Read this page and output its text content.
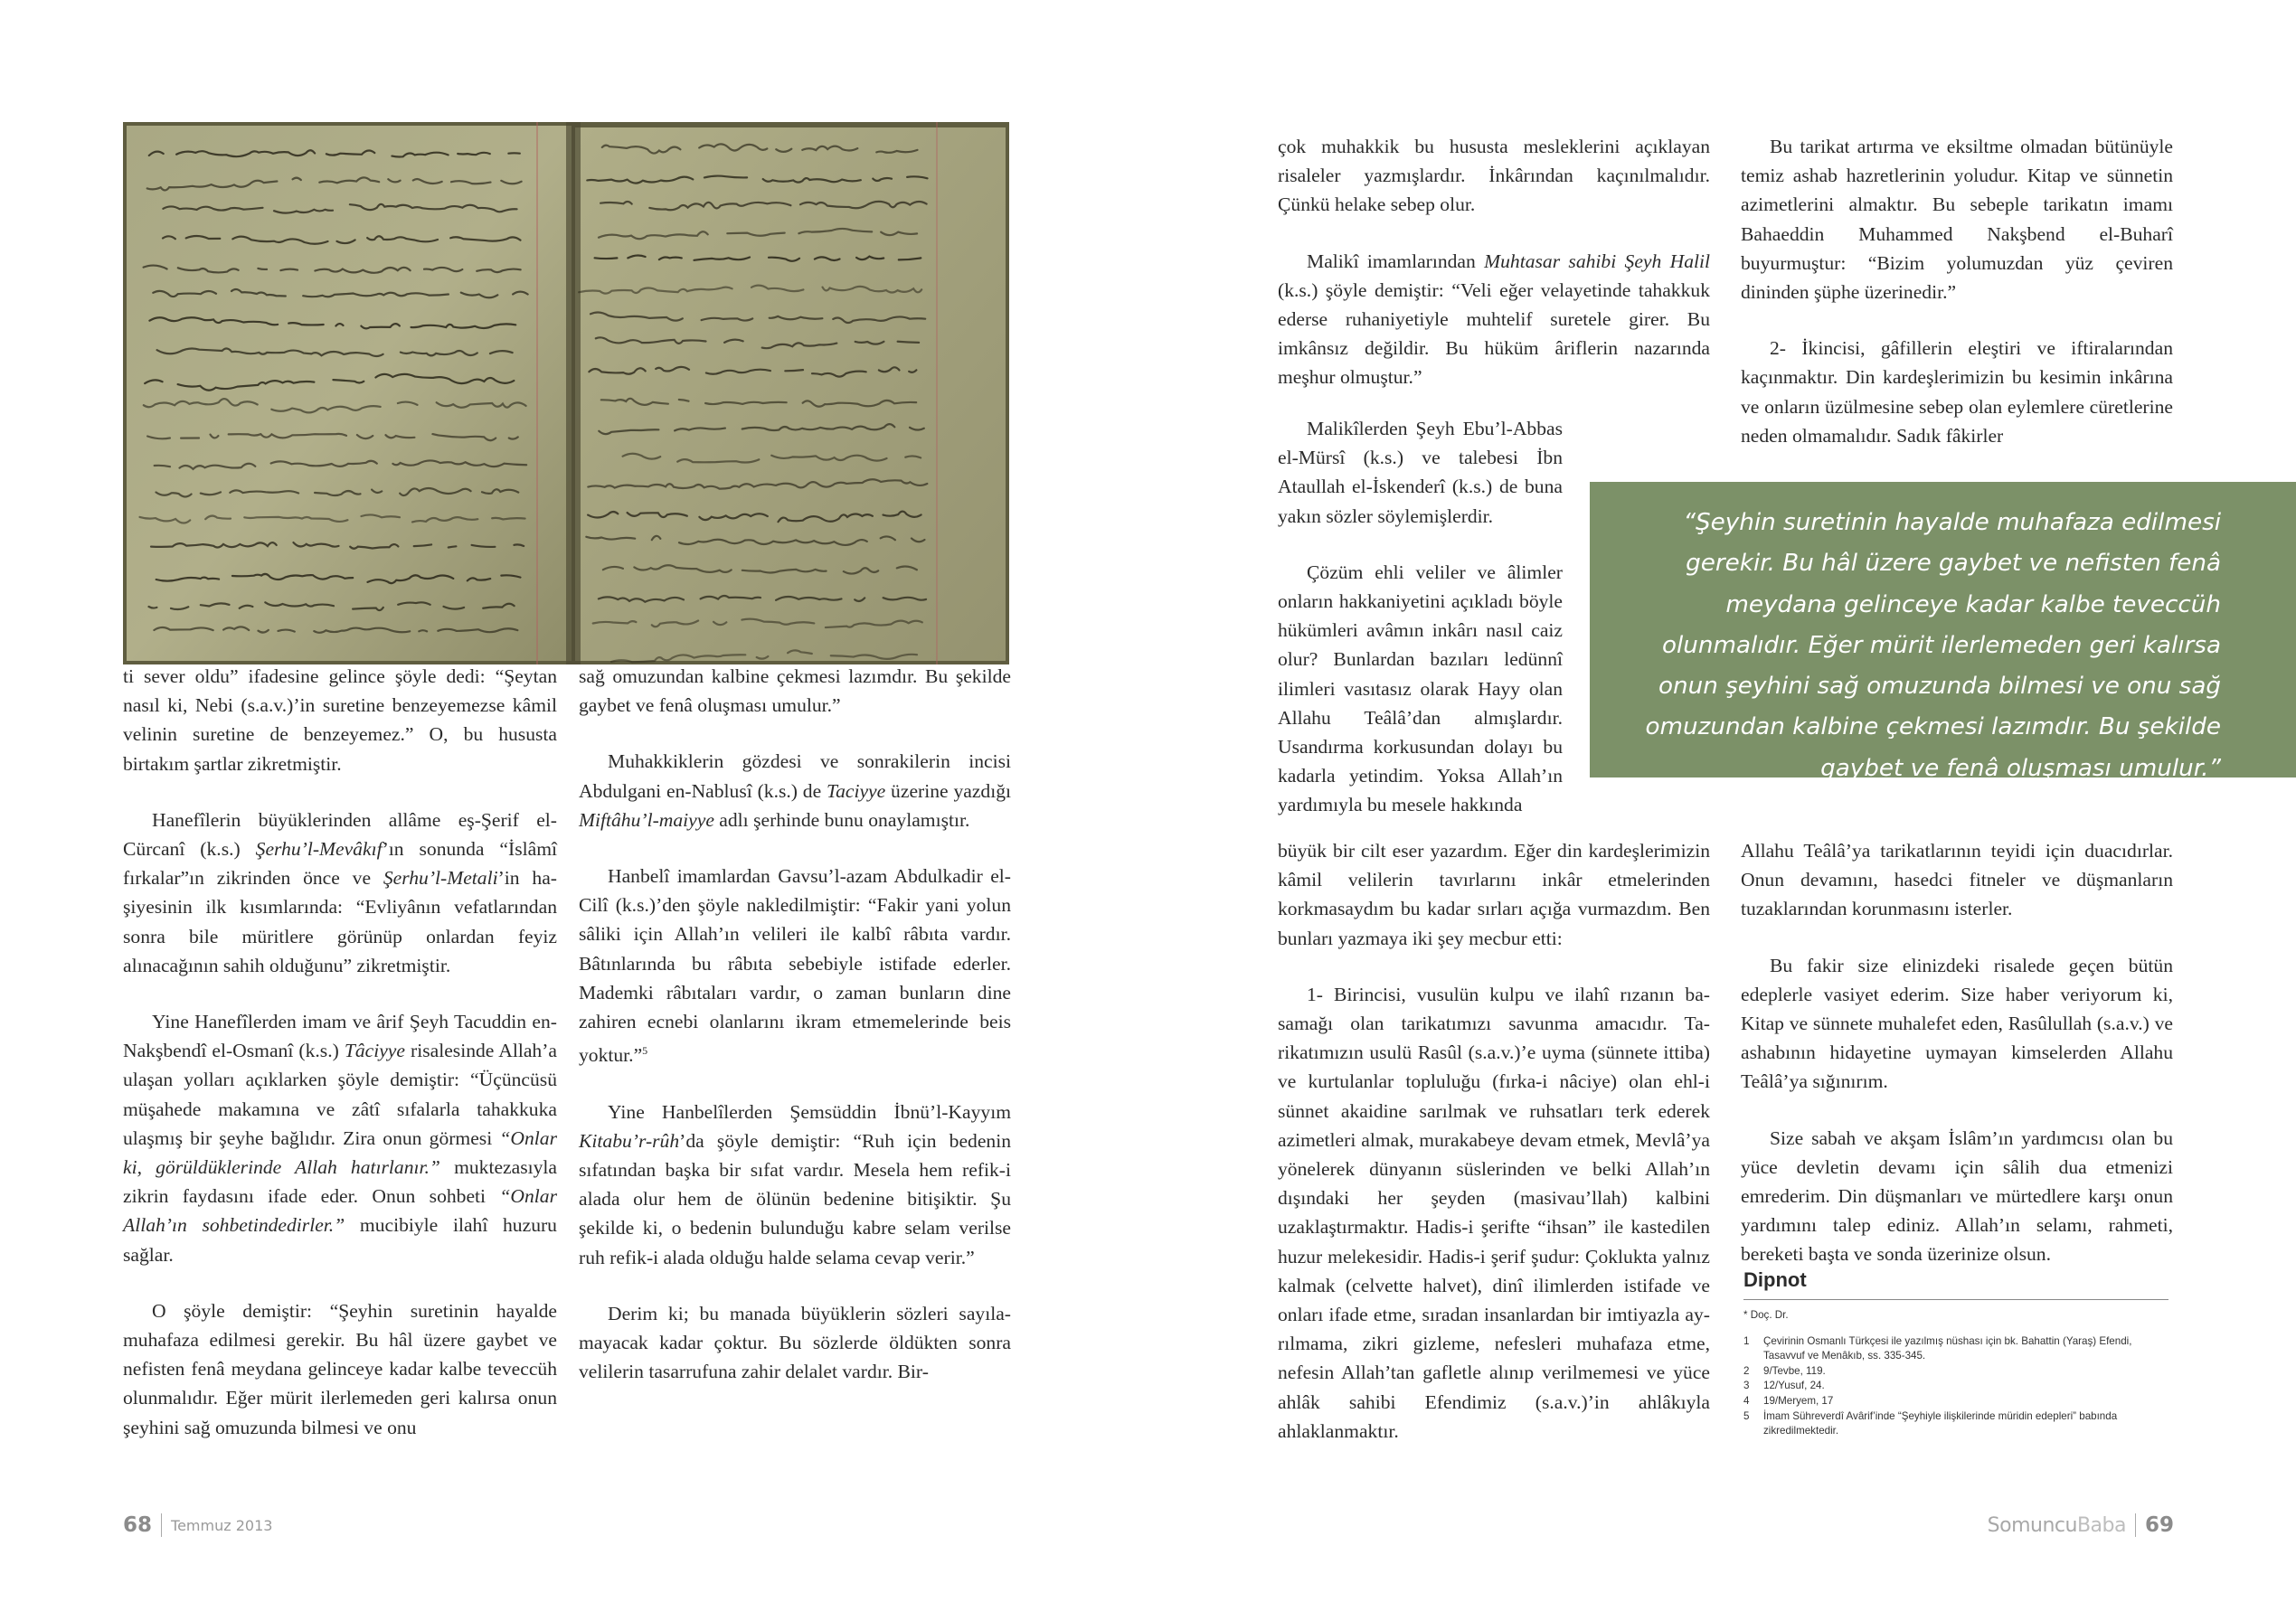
ti sever oldu” ifadesine gelince şöyle dedi: “Şeytan nasıl ki, Nebi (s.a.v.)’in suretine benzeyemezse kâmil velinin suretine de benzeyemez.” O, bu hususta birtakım şartlar zikretmiştir.

Hanefîlerin büyüklerinden allâme eş-Şerif el-Cürcanî (k.s.) Şerhu’l-Mevâkıf’ın sonunda “İslâmî fırkalar”ın zikrinden önce ve Şerhu’l-Metali’in haşiyesinin ilk kısımlarında: “Evliyânın vefatlarından sonra bile müritlere görünüp onlardan feyiz alınacağının sahih olduğunu” zikretmiştir.

Yine Hanefîlerden imam ve ârif Şeyh Tacuddin en-Nakşbendî el-Osmanî (k.s.) Tâciyye risalesinde Allah’a ulaşan yolları açıklarken şöyle demiştir: “Üçüncüsü müşahede makamına ve zâtî sıfalarla tahakkuka ulaşmış bir şeyhe bağlıdır. Zira onun görmesi “Onlar ki, görüldüklerinde Allah hatırlanır.” muktezasıyla zikrin faydasını ifade eder. Onun sohbeti “Onlar Allah’ın sohbetindedirler.” mucibiyle ilahî huzuru sağlar.

O şöyle demiştir: “Şeyhin suretinin hayalde muhafaza edilmesi gerekir. Bu hâl üzere gaybet ve nefisten fenâ meydana gelinceye kadar kalbe teveccüh olunmalıdır. Eğer mürit ilerlemeden geri kalırsa onun şeyhini sağ omuzunda bilmesi ve onu

sağ omuzundan kalbine çekmesi lazımdır. Bu şekilde gaybet ve fenâ oluşması umulur.”

Muhakkiklerin gözdesi ve sonrakilerin incisi Abdulgani en-Nablusî (k.s.) de Taciyye üzerine yazdığı Miftâhu’l-maiyye adlı şerhinde bunu onaylamıştır.

Hanbelî imamlardan Gavsu’l-azam Abdulkadir el-Cilî (k.s.)’den şöyle nakledilmiştir: “Fakir yani yolun sâliki için Allah’ın velileri ile kalbî râbıta vardır. Bâtınlarında bu râbıta sebebiyle istifade ederler. Mademki râbıtaları vardır, o zaman bunların dine zahiren ecnebi olanlarını ikram etmemelerinde beis yoktur.”$^5$

Yine Hanbelîlerden Şemsüddin İbnü’l-Kayyım Kitabu’r-rûh’da şöyle demiştir: “Ruh için bedenin sıfatından başka bir sıfat vardır. Mesela hem refik-i alada olur hem de ölünün bedenine bitişiktir. Şu şekilde ki, o bedenin bulunduğu kabre selam verilse ruh refik-i alada olduğu halde selama cevap verir.”

Derim ki; bu manada büyüklerin sözleri sayılamayacak kadar çoktur. Bu sözlerde öldükten sonra velilerin tasarrufuna zahir delalet vardır. Bir-

68 Temmuz 2013

çok muhakkik bu hususta mesleklerini açıklayan risaleler yazmışlardır. İnkârından kaçınılmalıdır. Çünkü helake sebep olur.

Malikî imamlarından Muhtasar sahibi Şeyh Halil (k.s.) şöyle demiştir: “Veli eğer velayetinde tahakkuk ederse ruhaniyetiyle muhtelif suretele girer. Bu imkânsız değildir. Bu hüküm âriflerin nazarında meşhur olmuştur.”

Malikîlerden Şeyh Ebu’l-Abbas el-Mürsî (k.s.) ve talebesi İbn Ataullah el-İskenderî (k.s.) de buna yakın sözler söylemişlerdir.

Çözüm ehli veliler ve âlimler onların hakkaniyetini açıkladı böyle hükümleri avâmın inkârı nasıl caiz olur? Bunlardan bazıları ledünnî ilimleri vasıtasız olarak Hayy olan Allahu Teâlâ’dan almışlardır. Usandırma korkusundan dolayı bu kadarla yetindim. Yoksa Allah’ın yardımıyla bu mesele hakkında

büyük bir cilt eser yazardım. Eğer din kardeşlerimizin kâmil velilerin tavırlarını inkâr etmelerinden korkmasaydım bu kadar sırları açığa vurmazdım. Ben bunları yazmaya iki şey mecbur etti:

1- Birincisi, vusulün kulpu ve ilahî rızanın basamağı olan tarikatımızı savunma amacıdır. Tarikatımızın usulü Rasûl (s.a.v.)’e uyma (sünnete ittiba) ve kurtulanlar topluluğu (fırka-i nâciye) olan ehl-i sünnet akaidine sarılmak ve ruhsatları terk ederek azimetleri almak, murakabeye devam etmek, Mevlâ’ya yönelerek dünyanın süslerinden ve belki Allah’ın dışındaki her şeyden (masivau’llah) kalbini uzaklaştırmaktır. Hadis-i şerifte “ihsan” ile kastedilen huzur melekesidir. Hadis-i şerif şudur: Çoklukta yalnız kalmak (celvette halvet), dinî ilimlerden istifade ve onları ifade etme, sıradan insanlardan bir imtiyazla ayrılmama, zikri gizleme, nefesleri muhafaza etme, nefesin Allah’tan gafletle alınıp verilmemesi ve yüce ahlâk sahibi Efendimiz (s.a.v.)’in ahlâkıyla ahlaklanmaktır.

Bu tarikat artırma ve eksiltme olmadan bütünüyle temiz ashab hazretlerinin yoludur. Kitap ve sünnetin azimetlerini almaktır. Bu sebeple tarikatın imamı Bahaeddin Muhammed Nakşbend el-Buharî buyurmuştur: “Bizim yolumuzdan yüz çeviren dininden şüphe üzerinedir.”

2- İkincisi, gâfillerin eleştiri ve iftiralarından kaçınmaktır. Din kardeşlerimizin bu kesimin inkârına ve onların üzülmesine sebep olan eylemlere cüretlerine neden olmamalıdır. Sadık fâkirler

Allahu Teâlâ’ya tarikatlarının teyidi için duacıdırlar. Onun devamını, hasedci fitneler ve düşmanların tuzaklarından korunmasını isterler.

Bu fakir size elinizdeki risalede geçen bütün edeplerle vasiyet ederim. Size haber veriyorum ki, Kitap ve sünnete muhalefet eden, Rasûlullah (s.a.v.) ve ashabının hidayetine uymayan kimselerden Allahu Teâlâ’ya sığınırım.

Size sabah ve akşam İslâm’ın yardımcısı olan bu yüce devletin devamı için sâlih dua etmenizi emrederim. Din düşmanları ve mürtedlere karşı onun yardımını talep ediniz. Allah’ın selamı, rahmeti, bereketi başta ve sonda üzerinize olsun.

“Şeyhin suretinin hayalde muhafaza edilmesi gerekir. Bu hâl üzere gaybet ve nefisten fenâ meydana gelinceye kadar kalbe teveccüh olunmalıdır. Eğer mürit ilerlemeden geri kalırsa onun şeyhini sağ omuzunda bilmesi ve onu sağ omuzundan kalbine çekmesi lazımdır. Bu şekilde gaybet ve fenâ oluşması umulur.”
Dipnot
* Doç. Dr.
1	Çevirinin Osmanlı Türkçesi ile yazılmış nüshası için bk. Bahattin (Yaraş) Efendi, Tasavvuf ve Menâkıb, ss. 335-345.
2	9/Tevbe, 119.
3	12/Yusuf, 24.
4	19/Meryem, 17
5	İmam Sühreverdî Avârif’inde “Şeyhiyle ilişkilerinde müridin edepleri” babında zikredilmektedir.
SomuncuBaba 69
